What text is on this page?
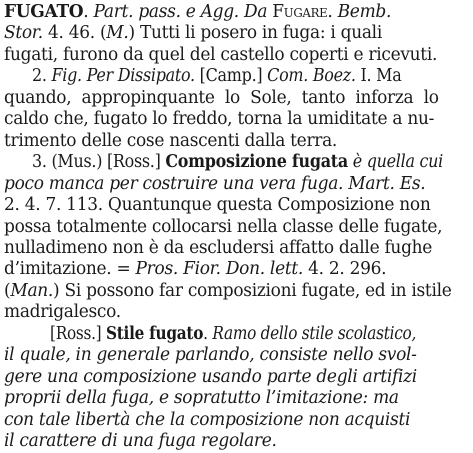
FUGATO. Part. pass. e Agg. Da Fugare. Bemb.
Stor. 4. 46. (M.) Tutti li posero in fuga: i quali
fugati, furono da quel del castello coperti e ricevuti.
2. Fig. Per Dissipato. [Camp.] Com. Boez. I. Ma
quando,  appropinquante  lo  Sole,  tanto  inforza  lo
caldo che, fugato lo freddo, torna la umiditate a nu-
trimento delle cose nascenti dalla terra.
3. (Mus.) [Ross.] Composizione fugata è quella cui
poco manca per costruire una vera fuga. Mart. Es.
2. 4. 7. 113. Quantunque questa Composizione non
possa totalmente collocarsi nella classe delle fugate,
nulladimeno non è da escludersi affatto dalle fughe
d’imitazione. = Pros. Fior. Don. lett. 4. 2. 296.
(Man.) Si possono far composizioni fugate, ed in istile
madrigalesco.
[Ross.] Stile fugato. Ramo dello stile scolastico,
il quale, in generale parlando, consiste nello svol-
gere una composizione usando parte degli artifizi
proprii della fuga, e sopratutto l’imitazione: ma
con tale libertà che la composizione non acquisti
il carattere di una fuga regolare.
